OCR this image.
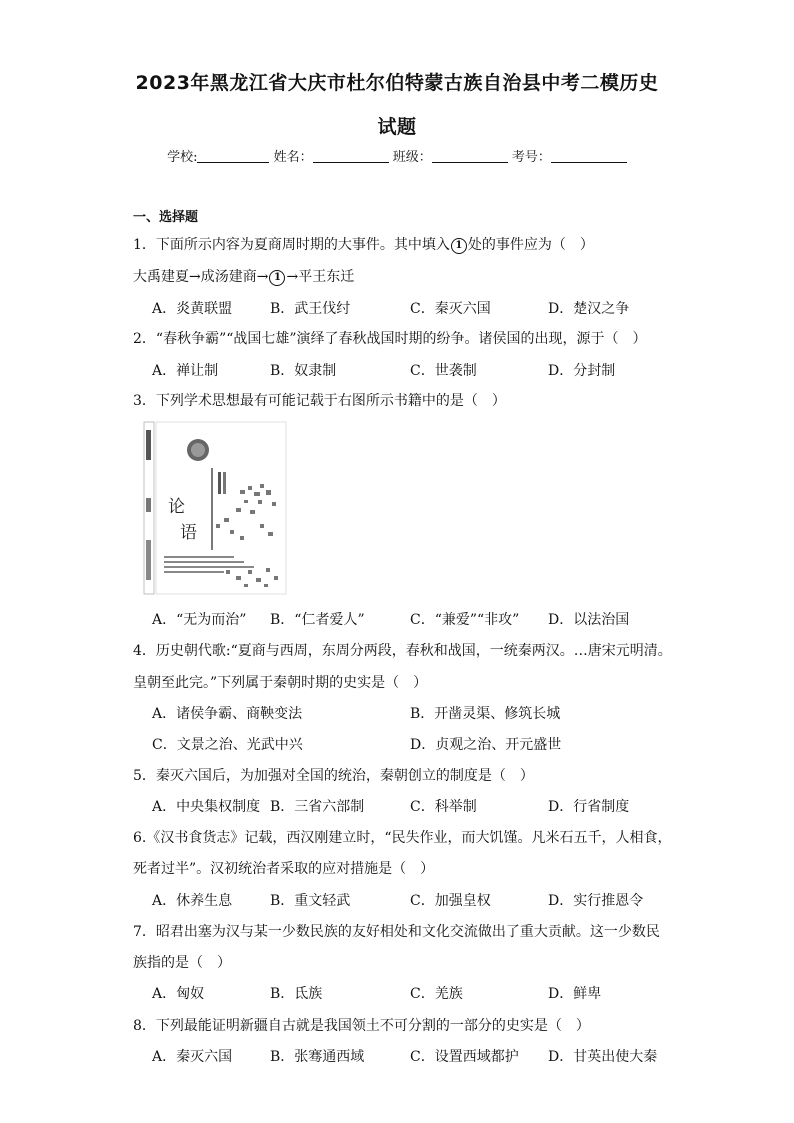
2023年黑龙江省大庆市杜尔伯特蒙古族自治县中考二模历史
试题
学校:	姓名：	班级：	考号：
一、选择题
1．下面所示内容为夏商周时期的大事件。其中填入 1 处的事件应为（　）
大禹建夏→成汤建商→ 1 →平王东迁
A．炎黄联盟	B．武王伐纣	C．秦灭六国	D．楚汉之争
2．“春秋争霸”“战国七雄”演绎了春秋战国时期的纷争。诸侯国的出现，源于（　）
A．禅让制	B．奴隶制	C．世袭制	D．分封制
3．下列学术思想最有可能记载于右图所示书籍中的是（　）
论
语
A．“无为而治” B．“仁者爱人”	C．“兼爱”“非攻” D．以法治国
4．历史朝代歌:“夏商与西周，东周分两段，春秋和战国，一统秦两汉。…唐宋元明清。
皇朝至此完。”下列属于秦朝时期的史实是（　）
A．诸侯争霸、商鞅变法	B．开凿灵渠、修筑长城
C．文景之治、光武中兴	D．贞观之治、开元盛世
5．秦灭六国后，为加强对全国的统治，秦朝创立的制度是（　）
A．中央集权制度 B．三省六部制	C．科举制	D．行省制度
6.《汉书食货志》记载，西汉刚建立时，“民失作业，而大饥馑。凡米石五千，人相食，
死者过半”。汉初统治者采取的应对措施是（　）
A．休养生息	B．重文轻武	C．加强皇权	D．实行推恩令
7．昭君出塞为汉与某一少数民族的友好相处和文化交流做出了重大贡献。这一少数民
族指的是（　）
A．匈奴	B．氐族	C．羌族	D．鲜卑
8．下列最能证明新疆自古就是我国领土不可分割的一部分的史实是（　）
A．秦灭六国	B．张骞通西域	C．设置西域都护 D．甘英出使大秦
